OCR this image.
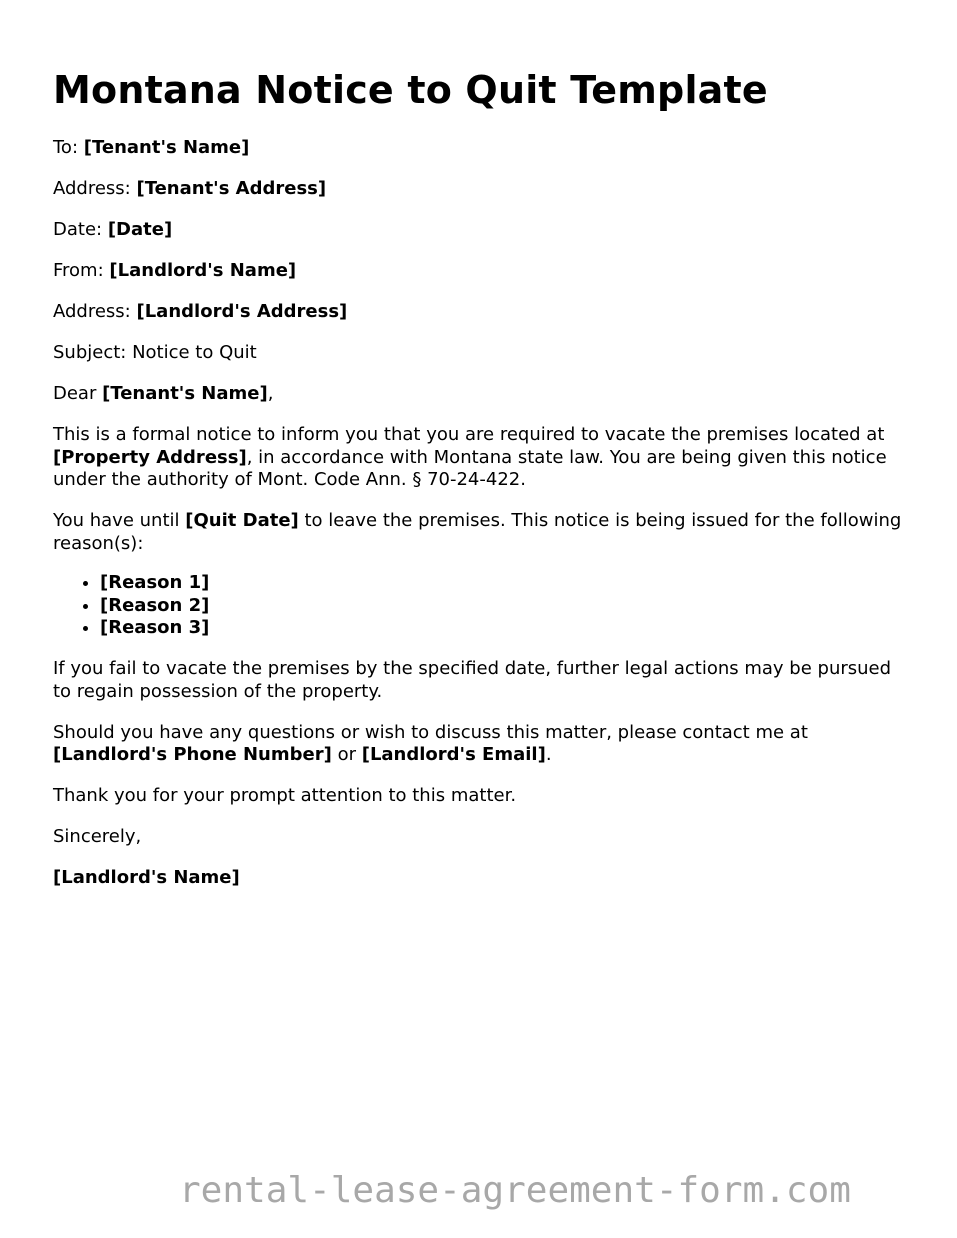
Montana Notice to Quit Template

To: [Tenant's Name]

Address: [Tenant's Address]

Date: [Date]

From: [Landlord's Name]

Address: [Landlord's Address]

Subject: Notice to Quit

Dear [Tenant's Name],

This is a formal notice to inform you that you are required to vacate the premises located at [Property Address], in accordance with Montana state law. You are being given this notice under the authority of Mont. Code Ann. § 70-24-422.

You have until [Quit Date] to leave the premises. This notice is being issued for the following reason(s):

• [Reason 1]
• [Reason 2]
• [Reason 3]

If you fail to vacate the premises by the specified date, further legal actions may be pursued to regain possession of the property.

Should you have any questions or wish to discuss this matter, please contact me at [Landlord's Phone Number] or [Landlord's Email].

Thank you for your prompt attention to this matter.

Sincerely,

[Landlord's Name]

rental-lease-agreement-form.com
